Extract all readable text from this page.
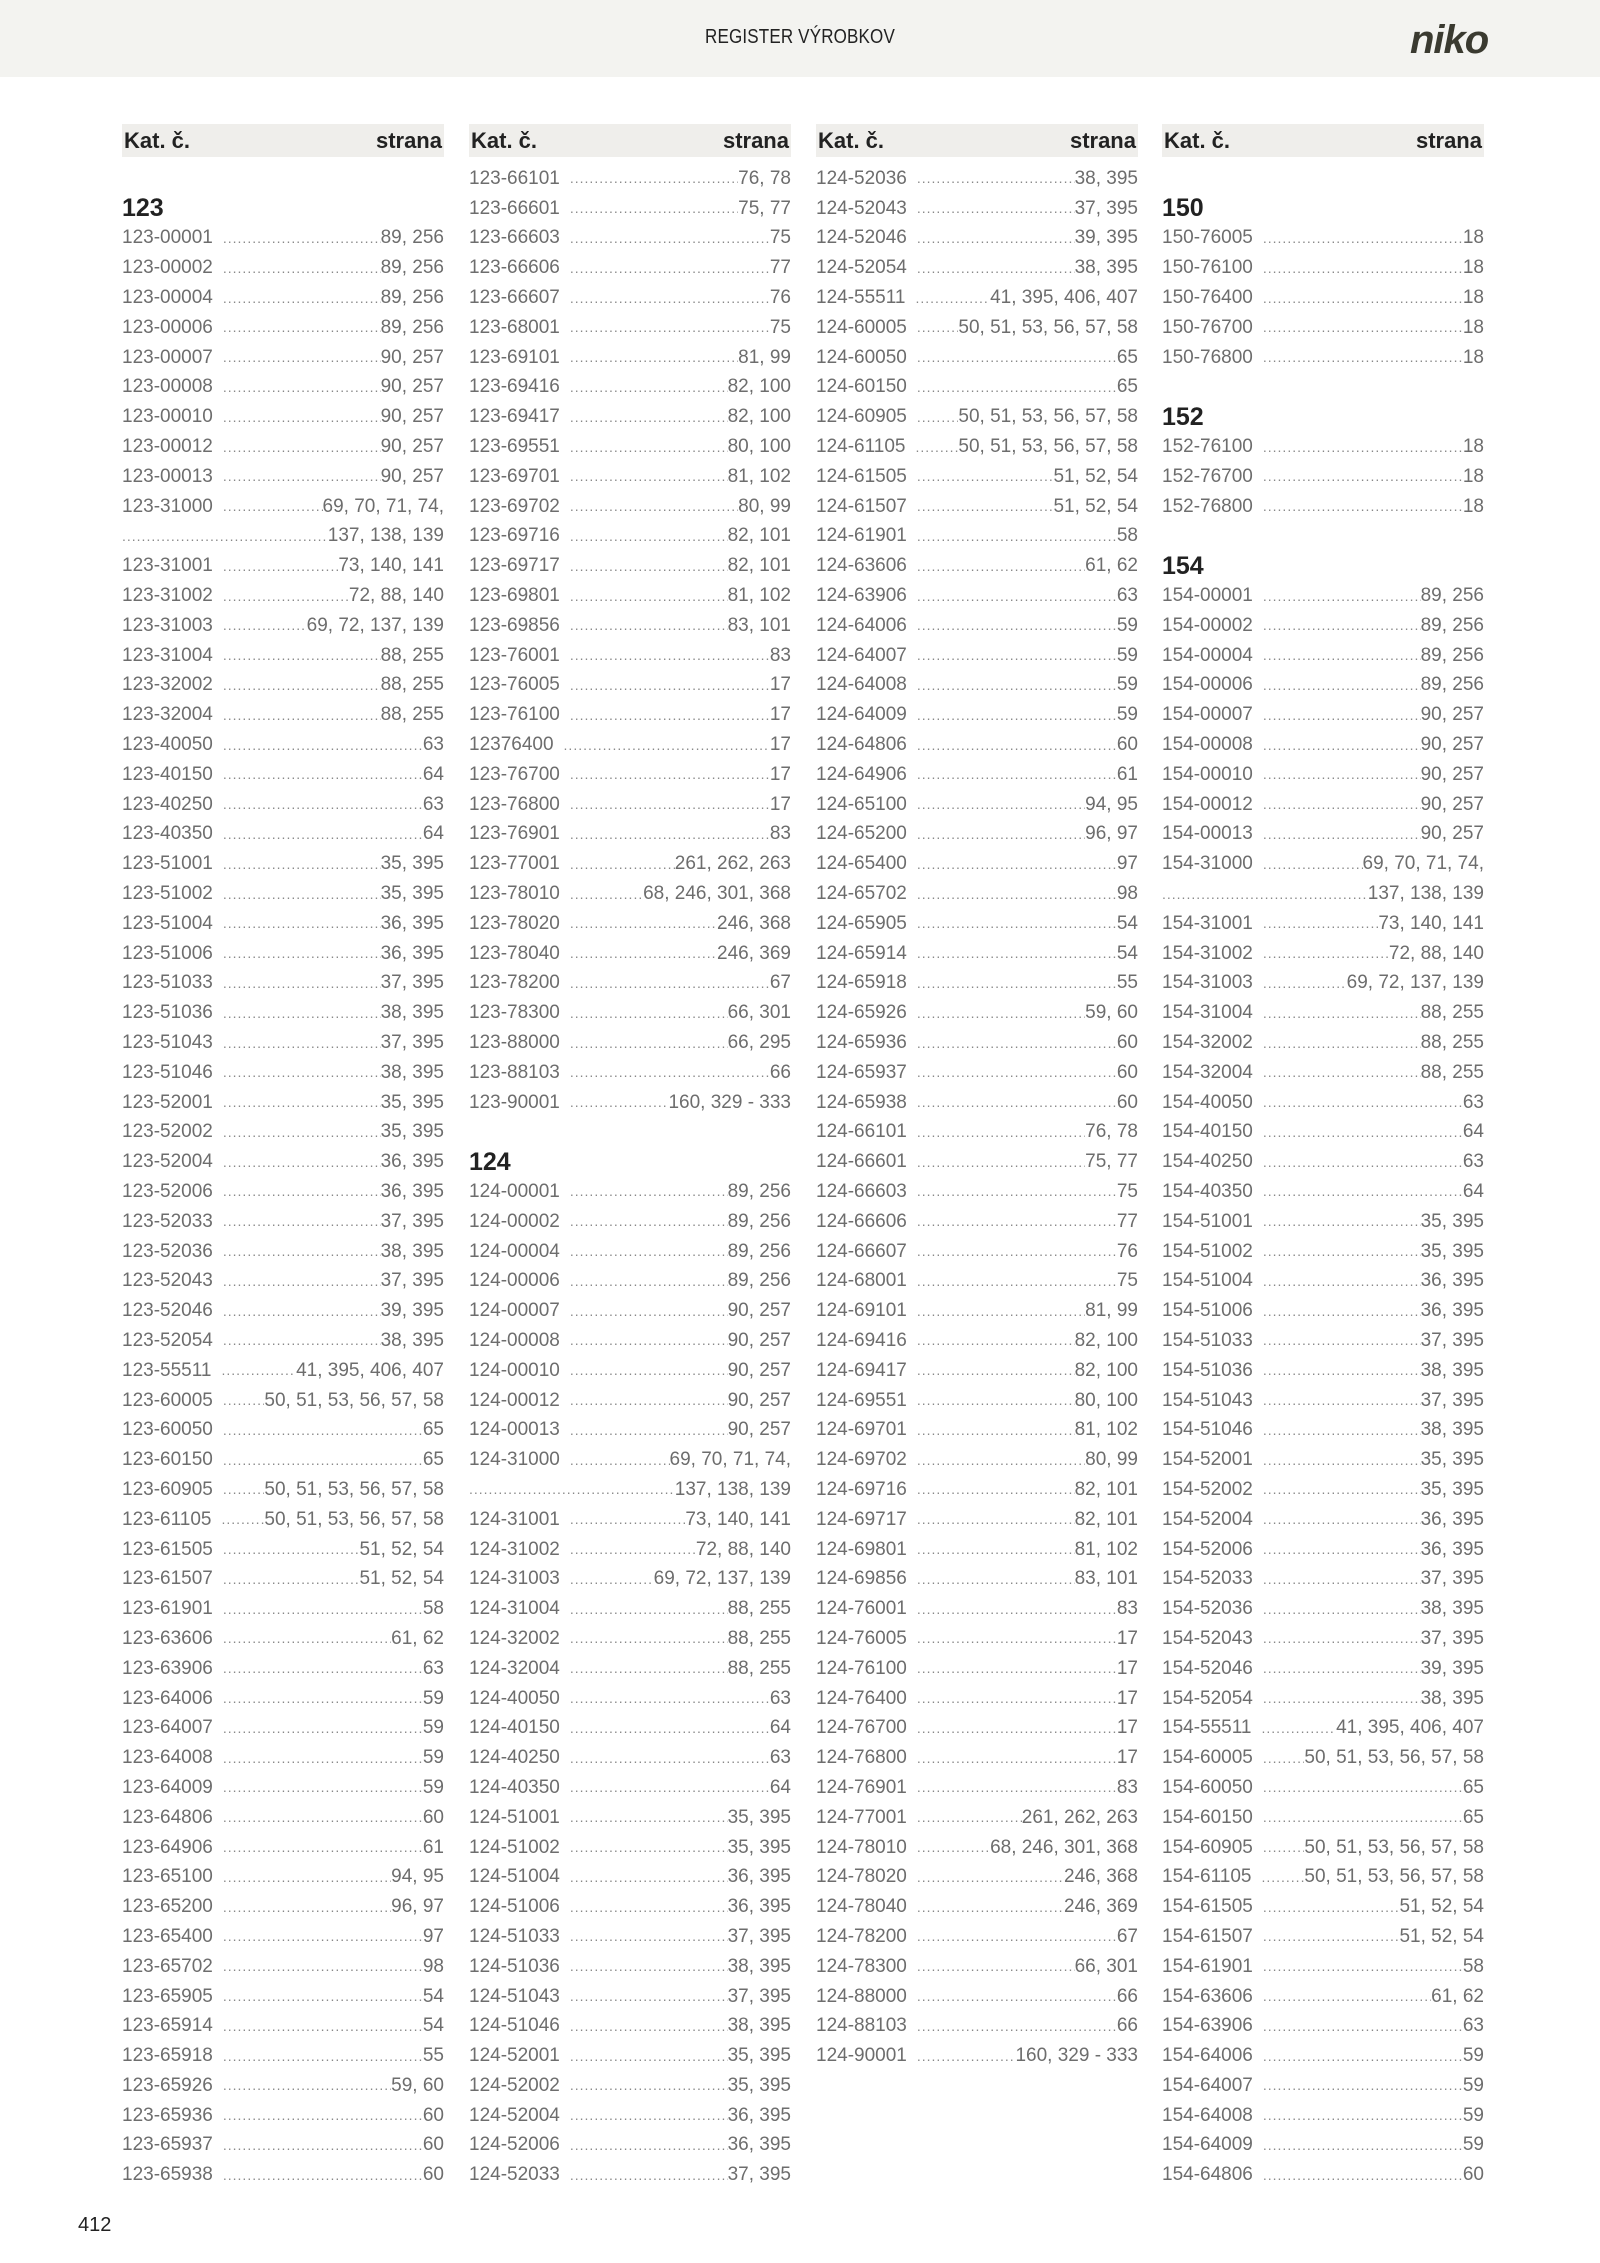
REGISTER VÝROBKOV	niko
Kat. č.	strana
123
123-00001 .....	89, 256
123-00002 .....	89, 256
123-00004 .....	89, 256
123-00006 .....	89, 256
123-00007 .....	90, 257
123-00008 .....	90, 257
123-00010 .....	90, 257
123-00012 .....	90, 257
123-00013 .....	90, 257
123-31000 .....	69, 70, 71, 74,
.....
137, 138, 139
123-31001 .....	73, 140, 141
123-31002 .....	72, 88, 140
123-31003 .....	69, 72, 137, 139
123-31004 .....	88, 255
123-32002 .....	88, 255
123-32004 .....	88, 255
123-40050 .....	63
123-40150 .....	64
123-40250 .....	63
123-40350 .....	64
123-51001 .....	35, 395
123-51002 .....	35, 395
123-51004 .....	36, 395
123-51006 .....	36, 395
123-51033 .....	37, 395
123-51036 .....	38, 395
123-51043 .....	37, 395
123-51046 .....	38, 395
123-52001 .....	35, 395
123-52002 .....	35, 395
123-52004 .....	36, 395
123-52006 .....	36, 395
123-52033 .....	37, 395
123-52036 .....	38, 395
123-52043 .....	37, 395
123-52046 .....	39, 395
123-52054 .....	38, 395
123-55511 .....	41, 395, 406, 407
123-60005 .....	50, 51, 53, 56, 57, 58
123-60050 .....	65
123-60150 .....	65
123-60905 .....	50, 51, 53, 56, 57, 58
123-61105 .....	50, 51, 53, 56, 57, 58
123-61505 .....	51, 52, 54
123-61507 .....	51, 52, 54
123-61901 .....	58
123-63606 .....	61, 62
123-63906 .....	63
123-64006 .....	59
123-64007 .....	59
123-64008 .....	59
123-64009 .....	59
123-64806 .....	60
123-64906 .....	61
123-65100 .....	94, 95
123-65200 .....	96, 97
123-65400 .....	97
123-65702 .....	98
123-65905 .....	54
123-65914 .....	54
123-65918 .....	55
123-65926 .....	59, 60
123-65936 .....	60
123-65937 .....	60
123-65938 .....	60
Kat. č.	strana
123-66101 .....	76, 78
123-66601 .....	75, 77
123-66603 .....	75
123-66606 .....	77
123-66607 .....	76
123-68001 .....	75
123-69101 .....	81, 99
123-69416 .....	82, 100
123-69417 .....	82, 100
123-69551 .....	80, 100
123-69701 .....	81, 102
123-69702 .....	80, 99
123-69716 .....	82, 101
123-69717 .....	82, 101
123-69801 .....	81, 102
123-69856 .....	83, 101
123-76001 .....	83
123-76005 .....	17
123-76100 .....	17
12376400 .....	17
123-76700 .....	17
123-76800 .....	17
123-76901 .....	83
123-77001 .....	261, 262, 263
123-78010 .....	68, 246, 301, 368
123-78020 .....	246, 368
123-78040 .....	246, 369
123-78200 .....	67
123-78300 .....	66, 301
123-88000 .....	66, 295
123-88103 .....	66
123-90001 .....	160, 329 - 333
124
124-00001 .....	89, 256
124-00002 .....	89, 256
124-00004 .....	89, 256
124-00006 .....	89, 256
124-00007 .....	90, 257
124-00008 .....	90, 257
124-00010 .....	90, 257
124-00012 .....	90, 257
124-00013 .....	90, 257
124-31000 .....	69, 70, 71, 74,
.....
137, 138, 139
124-31001 .....	73, 140, 141
124-31002 .....	72, 88, 140
124-31003 .....	69, 72, 137, 139
124-31004 .....	88, 255
124-32002 .....	88, 255
124-32004 .....	88, 255
124-40050 .....	63
124-40150 .....	64
124-40250 .....	63
124-40350 .....	64
124-51001 .....	35, 395
124-51002 .....	35, 395
124-51004 .....	36, 395
124-51006 .....	36, 395
124-51033 .....	37, 395
124-51036 .....	38, 395
124-51043 .....	37, 395
124-51046 .....	38, 395
124-52001 .....	35, 395
124-52002 .....	35, 395
124-52004 .....	36, 395
124-52006 .....	36, 395
124-52033 .....	37, 395
Kat. č.	strana
124-52036 .....	38, 395
124-52043 .....	37, 395
124-52046 .....	39, 395
124-52054 .....	38, 395
124-55511 .....	41, 395, 406, 407
124-60005 .....	50, 51, 53, 56, 57, 58
124-60050 .....	65
124-60150 .....	65
124-60905 .....	50, 51, 53, 56, 57, 58
124-61105 .....	50, 51, 53, 56, 57, 58
124-61505 .....	51, 52, 54
124-61507 .....	51, 52, 54
124-61901 .....	58
124-63606 .....	61, 62
124-63906 .....	63
124-64006 .....	59
124-64007 .....	59
124-64008 .....	59
124-64009 .....	59
124-64806 .....	60
124-64906 .....	61
124-65100 .....	94, 95
124-65200 .....	96, 97
124-65400 .....	97
124-65702 .....	98
124-65905 .....	54
124-65914 .....	54
124-65918 .....	55
124-65926 .....	59, 60
124-65936 .....	60
124-65937 .....	60
124-65938 .....	60
124-66101 .....	76, 78
124-66601 .....	75, 77
124-66603 .....	75
124-66606 .....	77
124-66607 .....	76
124-68001 .....	75
124-69101 .....	81, 99
124-69416 .....	82, 100
124-69417 .....	82, 100
124-69551 .....	80, 100
124-69701 .....	81, 102
124-69702 .....	80, 99
124-69716 .....	82, 101
124-69717 .....	82, 101
124-69801 .....	81, 102
124-69856 .....	83, 101
124-76001 .....	83
124-76005 .....	17
124-76100 .....	17
124-76400 .....	17
124-76700 .....	17
124-76800 .....	17
124-76901 .....	83
124-77001 .....	261, 262, 263
124-78010 .....	68, 246, 301, 368
124-78020 .....	246, 368
124-78040 .....	246, 369
124-78200 .....	67
124-78300 .....	66, 301
124-88000 .....	66
124-88103 .....	66
124-90001 .....	160, 329 - 333
Kat. č.	strana
150
150-76005 .....	18
150-76100 .....	18
150-76400 .....	18
150-76700 .....	18
150-76800 .....	18
152
152-76100 .....	18
152-76700 .....	18
152-76800 .....	18
154
154-00001 .....	89, 256
154-00002 .....	89, 256
154-00004 .....	89, 256
154-00006 .....	89, 256
154-00007 .....	90, 257
154-00008 .....	90, 257
154-00010 .....	90, 257
154-00012 .....	90, 257
154-00013 .....	90, 257
154-31000 .....	69, 70, 71, 74,
.....
137, 138, 139
154-31001 .....	73, 140, 141
154-31002 .....	72, 88, 140
154-31003 .....	69, 72, 137, 139
154-31004 .....	88, 255
154-32002 .....	88, 255
154-32004 .....	88, 255
154-40050 .....	63
154-40150 .....	64
154-40250 .....	63
154-40350 .....	64
154-51001 .....	35, 395
154-51002 .....	35, 395
154-51004 .....	36, 395
154-51006 .....	36, 395
154-51033 .....	37, 395
154-51036 .....	38, 395
154-51043 .....	37, 395
154-51046 .....	38, 395
154-52001 .....	35, 395
154-52002 .....	35, 395
154-52004 .....	36, 395
154-52006 .....	36, 395
154-52033 .....	37, 395
154-52036 .....	38, 395
154-52043 .....	37, 395
154-52046 .....	39, 395
154-52054 .....	38, 395
154-55511 .....	41, 395, 406, 407
154-60005 .....	50, 51, 53, 56, 57, 58
154-60050 .....	65
154-60150 .....	65
154-60905 .....	50, 51, 53, 56, 57, 58
154-61105 .....	50, 51, 53, 56, 57, 58
154-61505 .....	51, 52, 54
154-61507 .....	51, 52, 54
154-61901 .....	58
154-63606 .....	61, 62
154-63906 .....	63
154-64006 .....	59
154-64007 .....	59
154-64008 .....	59
154-64009 .....	59
154-64806 .....	60
412
